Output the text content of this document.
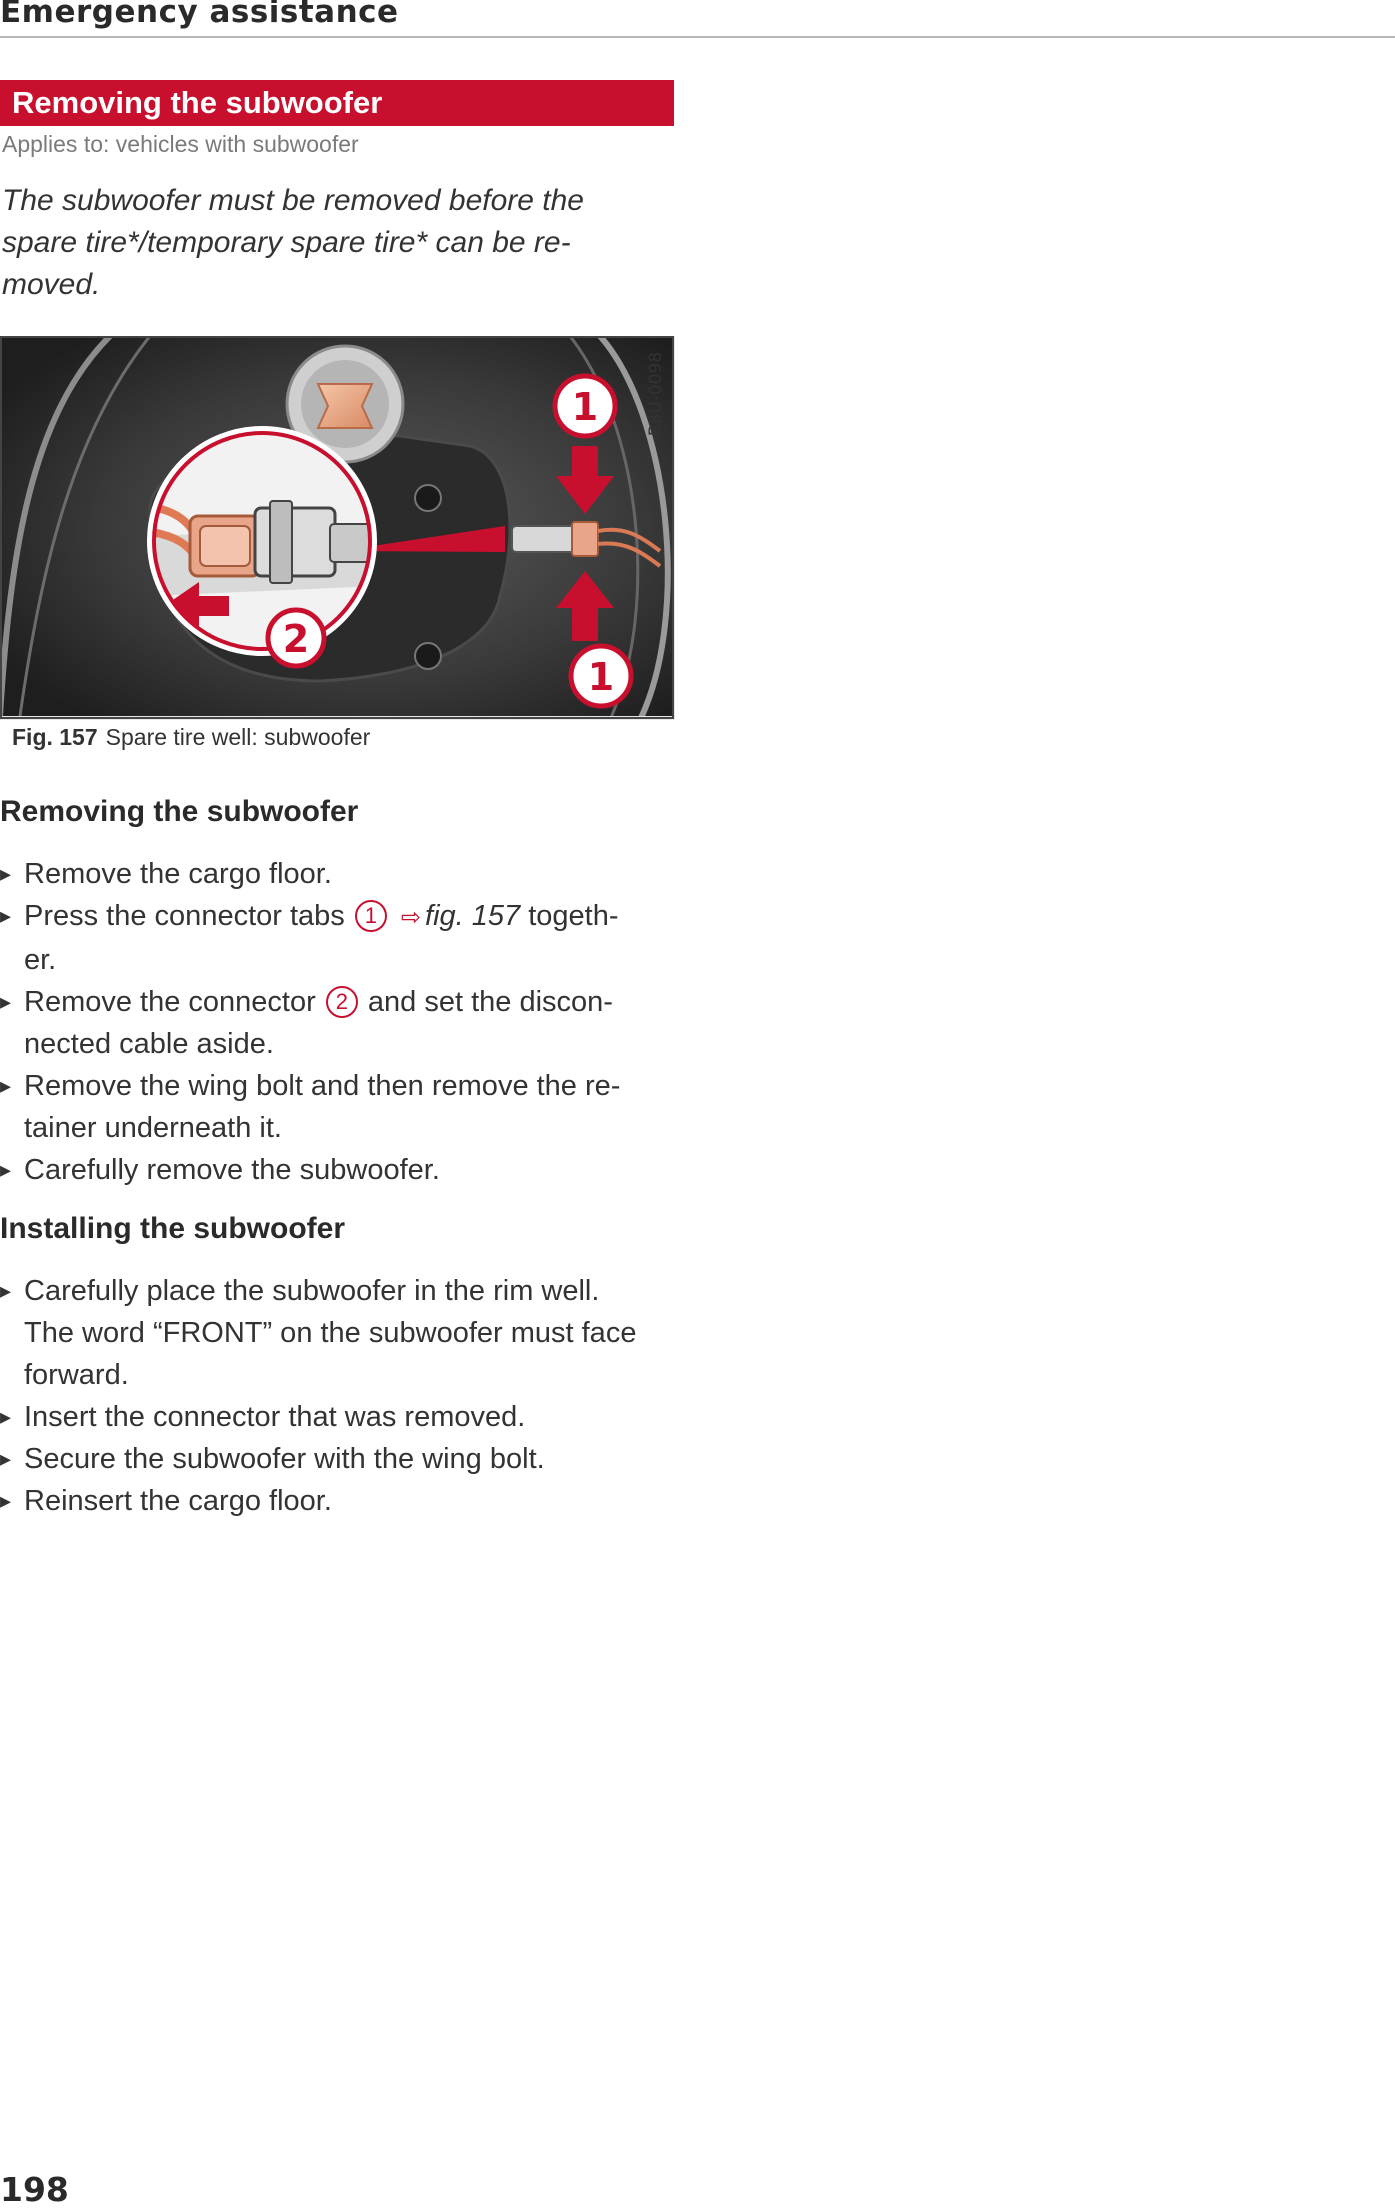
Emergency assistance
Removing the subwoofer
Applies to: vehicles with subwoofer
The subwoofer must be removed before the
spare tire*/temporary spare tire* can be re-
moved.
1
1
2
B8U-0098
Fig. 157 Spare tire well: subwoofer
Removing the subwoofer
▸ Remove the cargo floor.
▸ Press the connector tabs 1 ⇨ fig. 157 togeth-
er.
▸ Remove the connector 2 and set the discon-
nected cable aside.
▸ Remove the wing bolt and then remove the re-
tainer underneath it.
▸ Carefully remove the subwoofer.
Installing the subwoofer
▸ Carefully place the subwoofer in the rim well.
The word “FRONT” on the subwoofer must face
forward.
▸ Insert the connector that was removed.
▸ Secure the subwoofer with the wing bolt.
▸ Reinsert the cargo floor.
198
